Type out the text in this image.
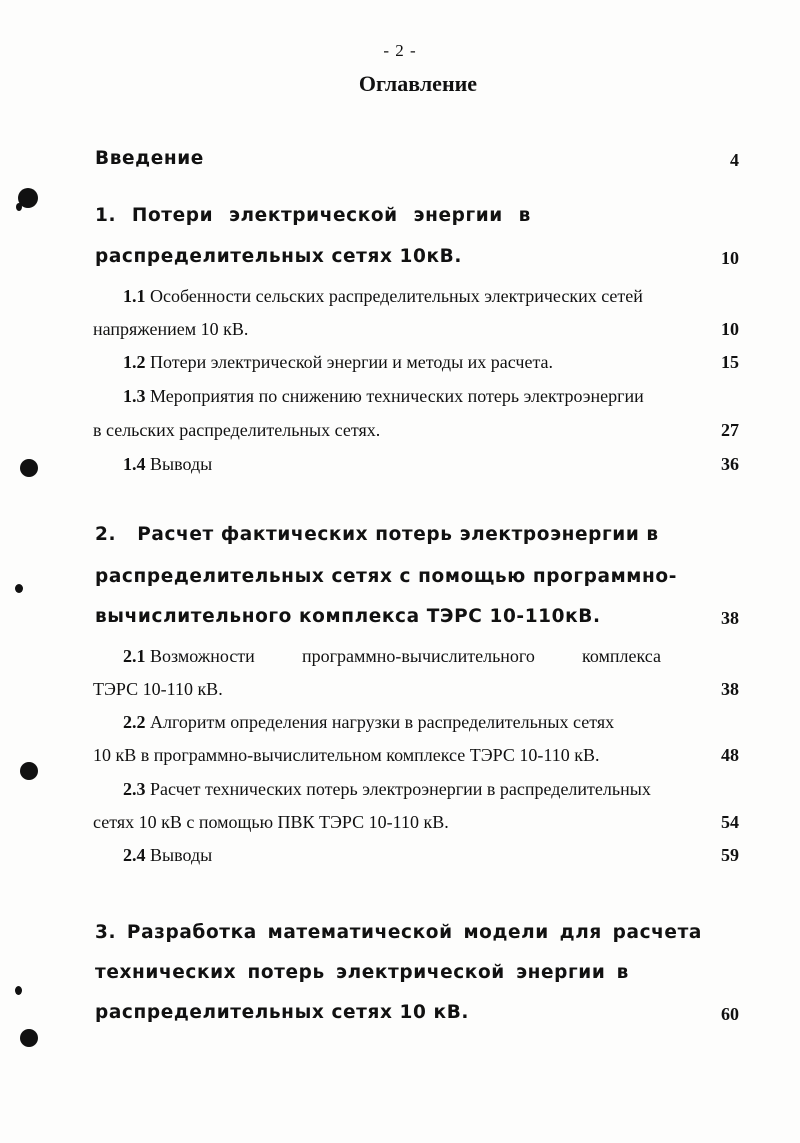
- 2 -
Оглавление
Введение	4
1. Потери электрической энергии в
распределительных сетях 10кВ.	10
1.1 Особенности сельских распределительных электрических сетей
напряжением 10 кВ.	10
1.2 Потери электрической энергии и методы их расчета.	15
1.3 Мероприятия по снижению технических потерь электроэнергии
в сельских распределительных сетях.	27
1.4 Выводы	36
2.   Расчет фактических потерь электроэнергии в
распределительных сетях с помощью программно-
вычислительного комплекса ТЭРС 10-110кВ.	38
2.1 Возможности	программно-вычислительного	комплекса
ТЭРС 10-110 кВ.	38
2.2 Алгоритм определения нагрузки в распределительных сетях
10 кВ в программно-вычислительном комплексе ТЭРС 10-110 кВ.	48
2.3 Расчет технических потерь электроэнергии в распределительных
сетях 10 кВ с помощью ПВК ТЭРС 10-110 кВ.	54
2.4 Выводы	59
3. Разработка математической модели для расчета
технических потерь электрической энергии в
распределительных сетях 10 кВ.	60
